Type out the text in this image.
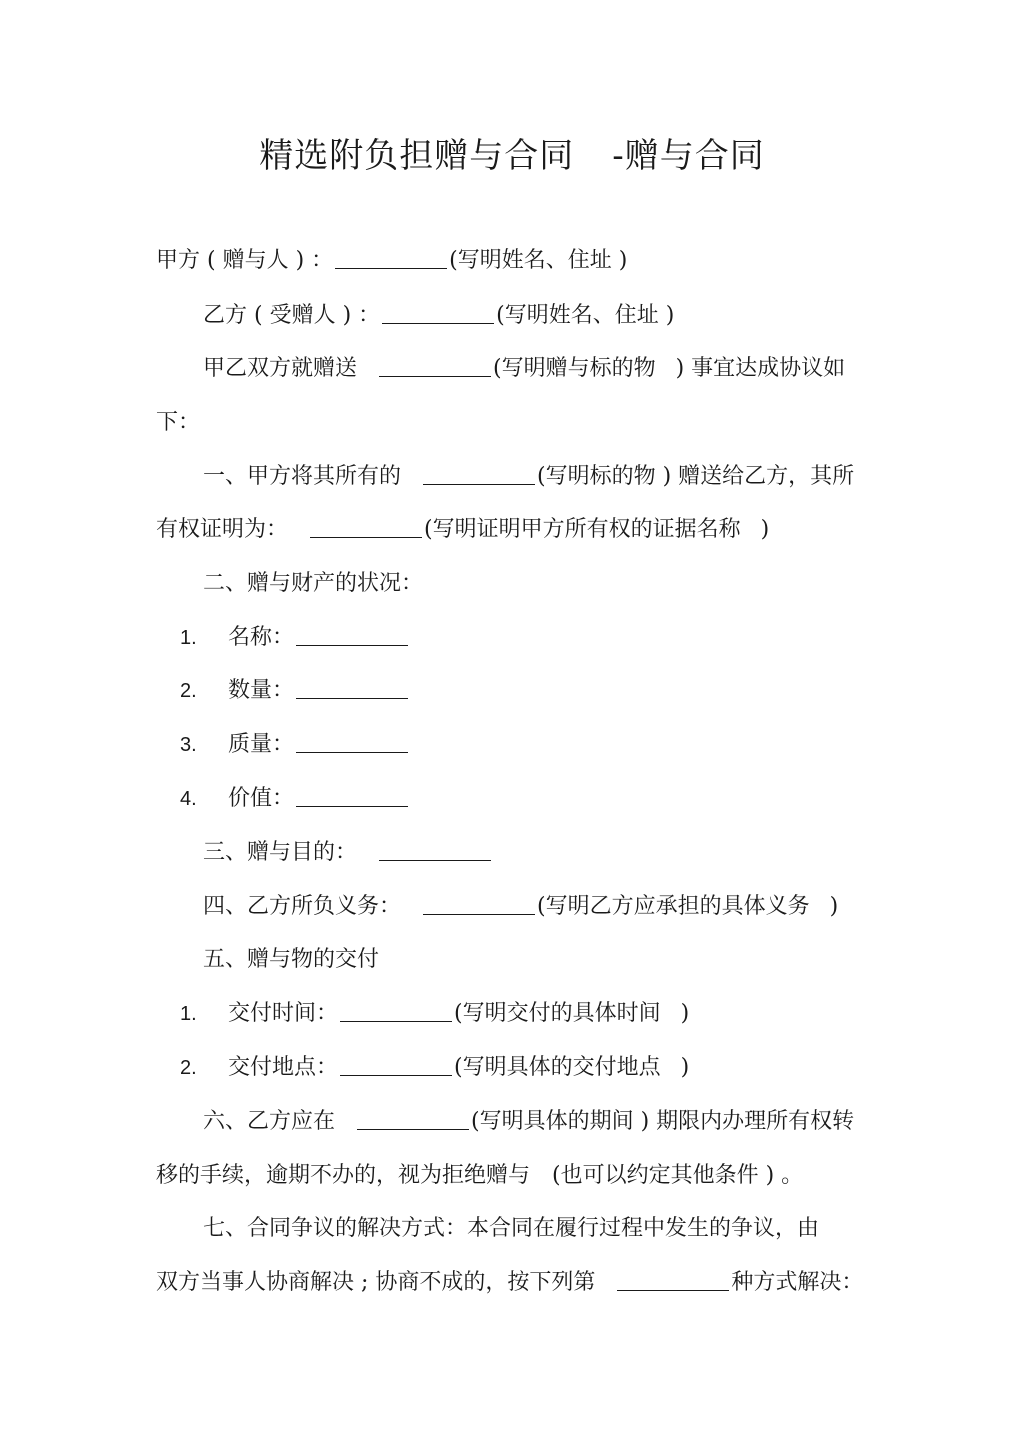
精选附负担赠与合同 -赠与合同
甲方 ( 赠与人 ) ：	(写明姓名、住址 )
乙方 ( 受赠人 ) ：	(写明姓名、住址 )
甲乙双方就赠送	(写明赠与标的物 ) 事宜达成协议如
下：
一、甲方将其所有的	(写明标的物 ) 赠送给乙方，其所
有权证明为：	(写明证明甲方所有权的证据名称 )
二、赠与财产的状况：
1. 名称：
2. 数量：
3. 质量：
4. 价值：
三、赠与目的：
四、乙方所负义务：	(写明乙方应承担的具体义务 )
五、赠与物的交付
1. 交付时间：	(写明交付的具体时间 )
2. 交付地点：	(写明具体的交付地点 )
六、乙方应在	(写明具体的期间 ) 期限内办理所有权转
移的手续，逾期不办的，视为拒绝赠与　(也可以约定其他条件 ) 。
七、合同争议的解决方式：本合同在履行过程中发生的争议，由
双方当事人协商解决 ; 协商不成的，按下列第	种方式解决：
